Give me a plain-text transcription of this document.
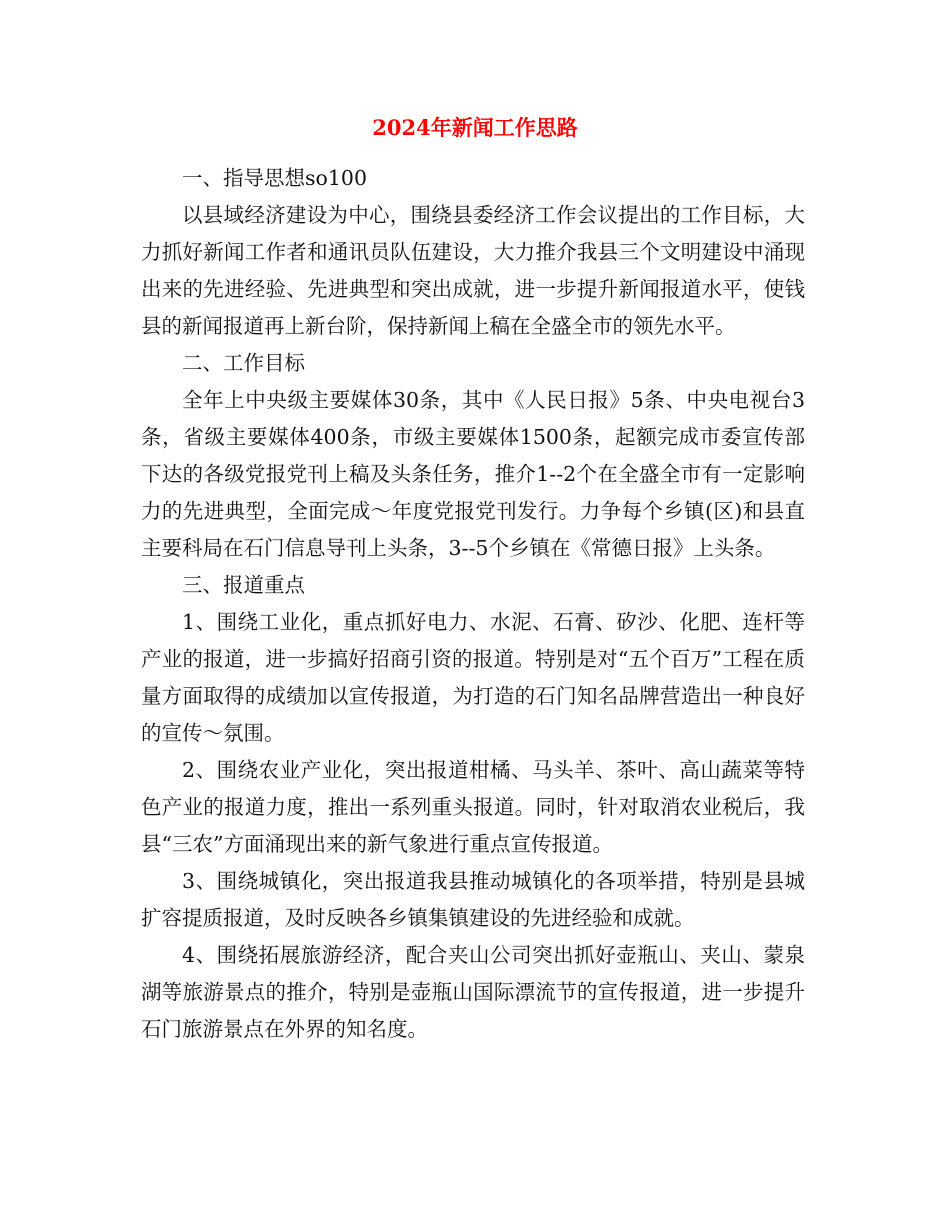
2024年新闻工作思路

一、指导思想so100

以县域经济建设为中心，围绕县委经济工作会议提出的工作目标，大力抓好新闻工作者和通讯员队伍建设，大力推介我县三个文明建设中涌现出来的先进经验、先进典型和突出成就，进一步提升新闻报道水平，使钱县的新闻报道再上新台阶，保持新闻上稿在全盛全市的领先水平。

二、工作目标

全年上中央级主要媒体30条，其中《人民日报》5条、中央电视台3条，省级主要媒体400条，市级主要媒体1500条，起额完成市委宣传部下达的各级党报党刊上稿及头条任务，推介1--2个在全盛全市有一定影响力的先进典型，全面完成～年度党报党刊发行。力争每个乡镇(区)和县直主要科局在石门信息导刊上头条，3--5个乡镇在《常德日报》上头条。

三、报道重点

1、围绕工业化，重点抓好电力、水泥、石膏、矽沙、化肥、连杆等产业的报道，进一步搞好招商引资的报道。特别是对“五个百万”工程在质量方面取得的成绩加以宣传报道，为打造的石门知名品牌营造出一种良好的宣传～氛围。

2、围绕农业产业化，突出报道柑橘、马头羊、茶叶、高山蔬菜等特色产业的报道力度，推出一系列重头报道。同时，针对取消农业税后，我县“三农”方面涌现出来的新气象进行重点宣传报道。

3、围绕城镇化，突出报道我县推动城镇化的各项举措，特别是县城扩容提质报道，及时反映各乡镇集镇建设的先进经验和成就。

4、围绕拓展旅游经济，配合夹山公司突出抓好壶瓶山、夹山、蒙泉湖等旅游景点的推介，特别是壶瓶山国际漂流节的宣传报道，进一步提升石门旅游景点在外界的知名度。
